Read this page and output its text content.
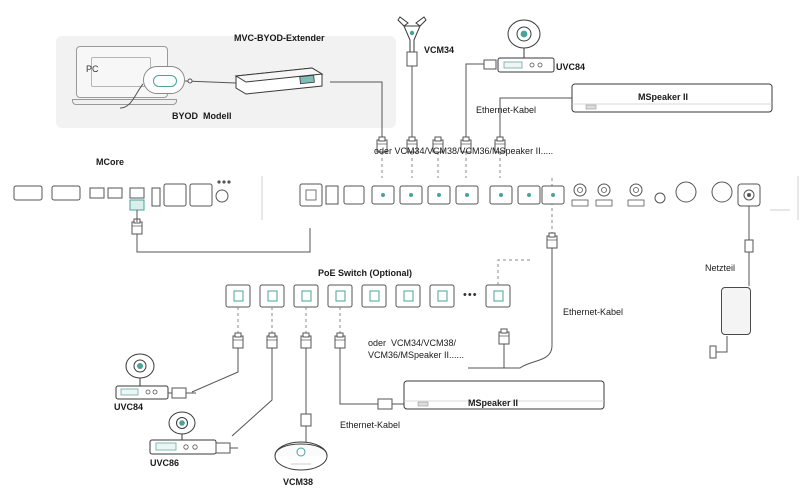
PC
BYOD  Modell
MVC-BYOD-Extender
VCM34
UVC84
MSpeaker II
Ethernet-Kabel
oder VCM34/VCM38/VCM36/MSpeaker II.....
MCore
PoE Switch (Optional)
•••
Ethernet-Kabel
oder  VCM34/VCM38/
VCM36/MSpeaker II......
Netzteil
UVC84
UVC86
VCM38
MSpeaker II
Ethernet-Kabel
